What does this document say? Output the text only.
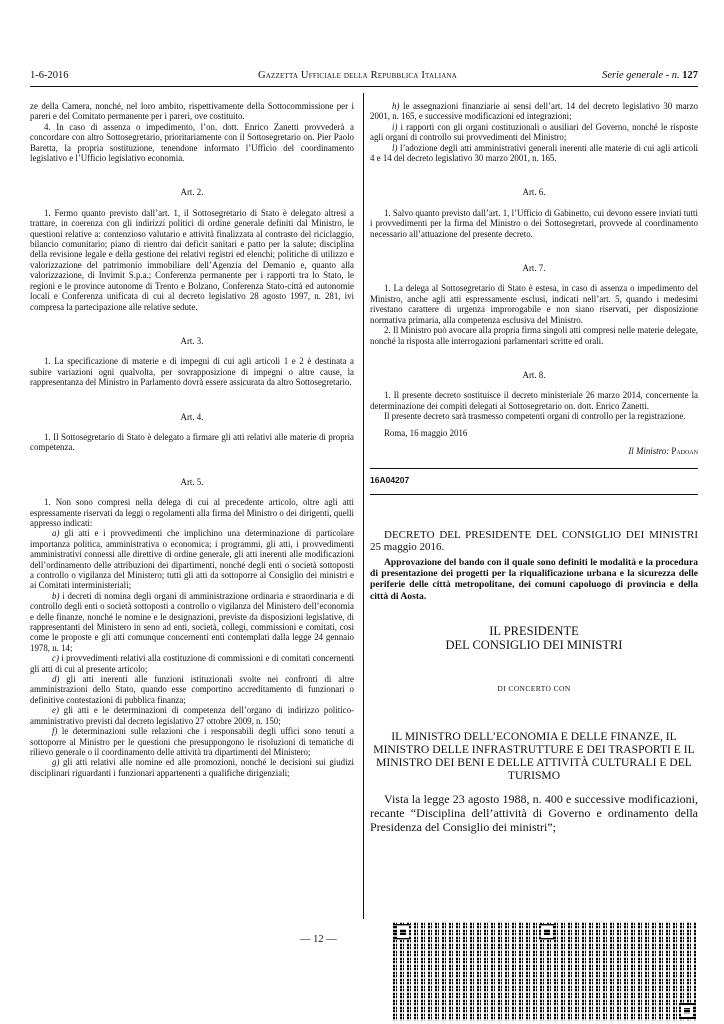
1-6-2016	Gazzetta Ufficiale della Repubblica Italiana	Serie generale - n. 127

ze della Camera, nonché, nel loro ambito, rispettivamente della Sottocommissione per i pareri e del Comitato permanente per i pareri, ove costituito.

4. In caso di assenza o impedimento, l’on. dott. Enrico Zanetti provvederà a concordare con altro Sottosegretario, prioritariamente con il Sottosegretario on. Pier Paolo Baretta, la propria sostituzione, tenendone informato l’Ufficio del coordinamento legislativo e l’Ufficio legislativo economia.

Art. 2.

1. Fermo quanto previsto dall’art. 1, il Sottosegretario di Stato è delegato altresì a trattare, in coerenza con gli indirizzi politici di ordine generale definiti dal Ministro, le questioni relative a: contenzioso valutario e attività finalizzata al contrasto del riciclaggio, bilancio comunitario; piano di rientro dai deficit sanitari e patto per la salute; disciplina della revisione legale e della gestione dei relativi registri ed elenchi; politiche di utilizzo e valorizzazione del patrimonio immobiliare dell’Agenzia del Demanio e, quanto alla valorizzazione, di Invimit S.p.a.; Conferenza permanente per i rapporti tra lo Stato, le regioni e le province autonome di Trento e Bolzano, Conferenza Stato-città ed autonomie locali e Conferenza unificata di cui al decreto legislativo 28 agosto 1997, n. 281, ivi compresa la partecipazione alle relative sedute.

Art. 3.

1. La specificazione di materie e di impegni di cui agli articoli 1 e 2 è destinata a subire variazioni ogni qualvolta, per sovrapposizione di impegni o altre cause, la rappresentanza del Ministro in Parlamento dovrà essere assicurata da altro Sottosegretario.

Art. 4.

1. Il Sottosegretario di Stato è delegato a firmare gli atti relativi alle materie di propria competenza.

Art. 5.

1. Non sono compresi nella delega di cui al precedente articolo, oltre agli atti espressamente riservati da leggi o regolamenti alla firma del Ministro o dei dirigenti, quelli appresso indicati:

a) gli atti e i provvedimenti che implichino una determinazione di particolare importanza politica, amministrativa o economica; i programmi, gli atti, i provvedimenti amministrativi connessi alle direttive di ordine generale, gli atti inerenti alle modificazioni dell’ordinamento delle attribuzioni dei dipartimenti, nonché degli enti o società sottoposti a controllo o vigilanza del Ministero; tutti gli atti da sottoporre al Consiglio dei ministri e ai Comitati interministeriali;

b) i decreti di nomina degli organi di amministrazione ordinaria e straordinaria e di controllo degli enti o società sottoposti a controllo o vigilanza del Ministero dell’economia e delle finanze, nonché le nomine e le designazioni, previste da disposizioni legislative, di rappresentanti del Ministero in seno ad enti, società, collegi, commissioni e comitati, così come le proposte e gli atti comunque concernenti enti contemplati dalla legge 24 gennaio 1978, n. 14;

c) i provvedimenti relativi alla costituzione di commissioni e di comitati concernenti gli atti di cui al presente articolo;

d) gli atti inerenti alle funzioni istituzionali svolte nei confronti di altre amministrazioni dello Stato, quando esse comportino accreditamento di funzionari o definitive contestazioni di pubblica finanza;

e) gli atti e le determinazioni di competenza dell’organo di indirizzo politico-amministrativo previsti dal decreto legislativo 27 ottobre 2009, n. 150;

f) le determinazioni sulle relazioni che i responsabili degli uffici sono tenuti a sottoporre al Ministro per le questioni che presuppongono le risoluzioni di tematiche di rilievo generale o il coordinamento delle attività tra dipartimenti del Ministero;

g) gli atti relativi alle nomine ed alle promozioni, nonché le decisioni sui giudizi disciplinari riguardanti i funzionari appartenenti a qualifiche dirigenziali;

h) le assegnazioni finanziarie ai sensi dell’art. 14 del decreto legislativo 30 marzo 2001, n. 165, e successive modificazioni ed integrazioni;

i) i rapporti con gli organi costituzionali o ausiliari del Governo, nonché le risposte agli organi di controllo sui provvedimenti del Ministro;

l) l’adozione degli atti amministrativi generali inerenti alle materie di cui agli articoli 4 e 14 del decreto legislativo 30 marzo 2001, n. 165.

Art. 6.

1. Salvo quanto previsto dall’art. 1, l’Ufficio di Gabinetto, cui devono essere inviati tutti i provvedimenti per la firma del Ministro o dei Sottosegretari, provvede al coordinamento necessario all’attuazione del presente decreto.

Art. 7.

1. La delega al Sottosegretario di Stato è estesa, in caso di assenza o impedimento del Ministro, anche agli atti espressamente esclusi, indicati nell’art. 5, quando i medesimi rivestano carattere di urgenza improrogabile e non siano riservati, per disposizione normativa primaria, alla competenza esclusiva del Ministro.

2. Il Ministro può avocare alla propria firma singoli atti compresi nelle materie delegate, nonché la risposta alle interrogazioni parlamentari scritte ed orali.

Art. 8.

1. Il presente decreto sostituisce il decreto ministeriale 26 marzo 2014, concernente la determinazione dei compiti delegati al Sottosegretario on. dott. Enrico Zanetti.

Il presente decreto sarà trasmesso competenti organi di controllo per la registrazione.

Roma, 16 maggio 2016

Il Ministro: Padoan

16A04207

DECRETO DEL PRESIDENTE DEL CONSIGLIO DEI MINISTRI 25 maggio 2016.

Approvazione del bando con il quale sono definiti le modalità e la procedura di presentazione dei progetti per la riqualificazione urbana e la sicurezza delle periferie delle città metropolitane, dei comuni capoluogo di provincia e della città di Aosta.

IL PRESIDENTE
DEL CONSIGLIO DEI MINISTRI

DI CONCERTO CON

IL MINISTRO DELL’ECONOMIA E DELLE FINANZE, IL MINISTRO DELLE INFRASTRUTTURE E DEI TRASPORTI E IL MINISTRO DEI BENI E DELLE ATTIVITÀ CULTURALI E DEL TURISMO

Vista la legge 23 agosto 1988, n. 400 e successive modificazioni, recante “Disciplina dell’attività di Governo e ordinamento della Presidenza del Consiglio dei ministri”;

— 12 —
